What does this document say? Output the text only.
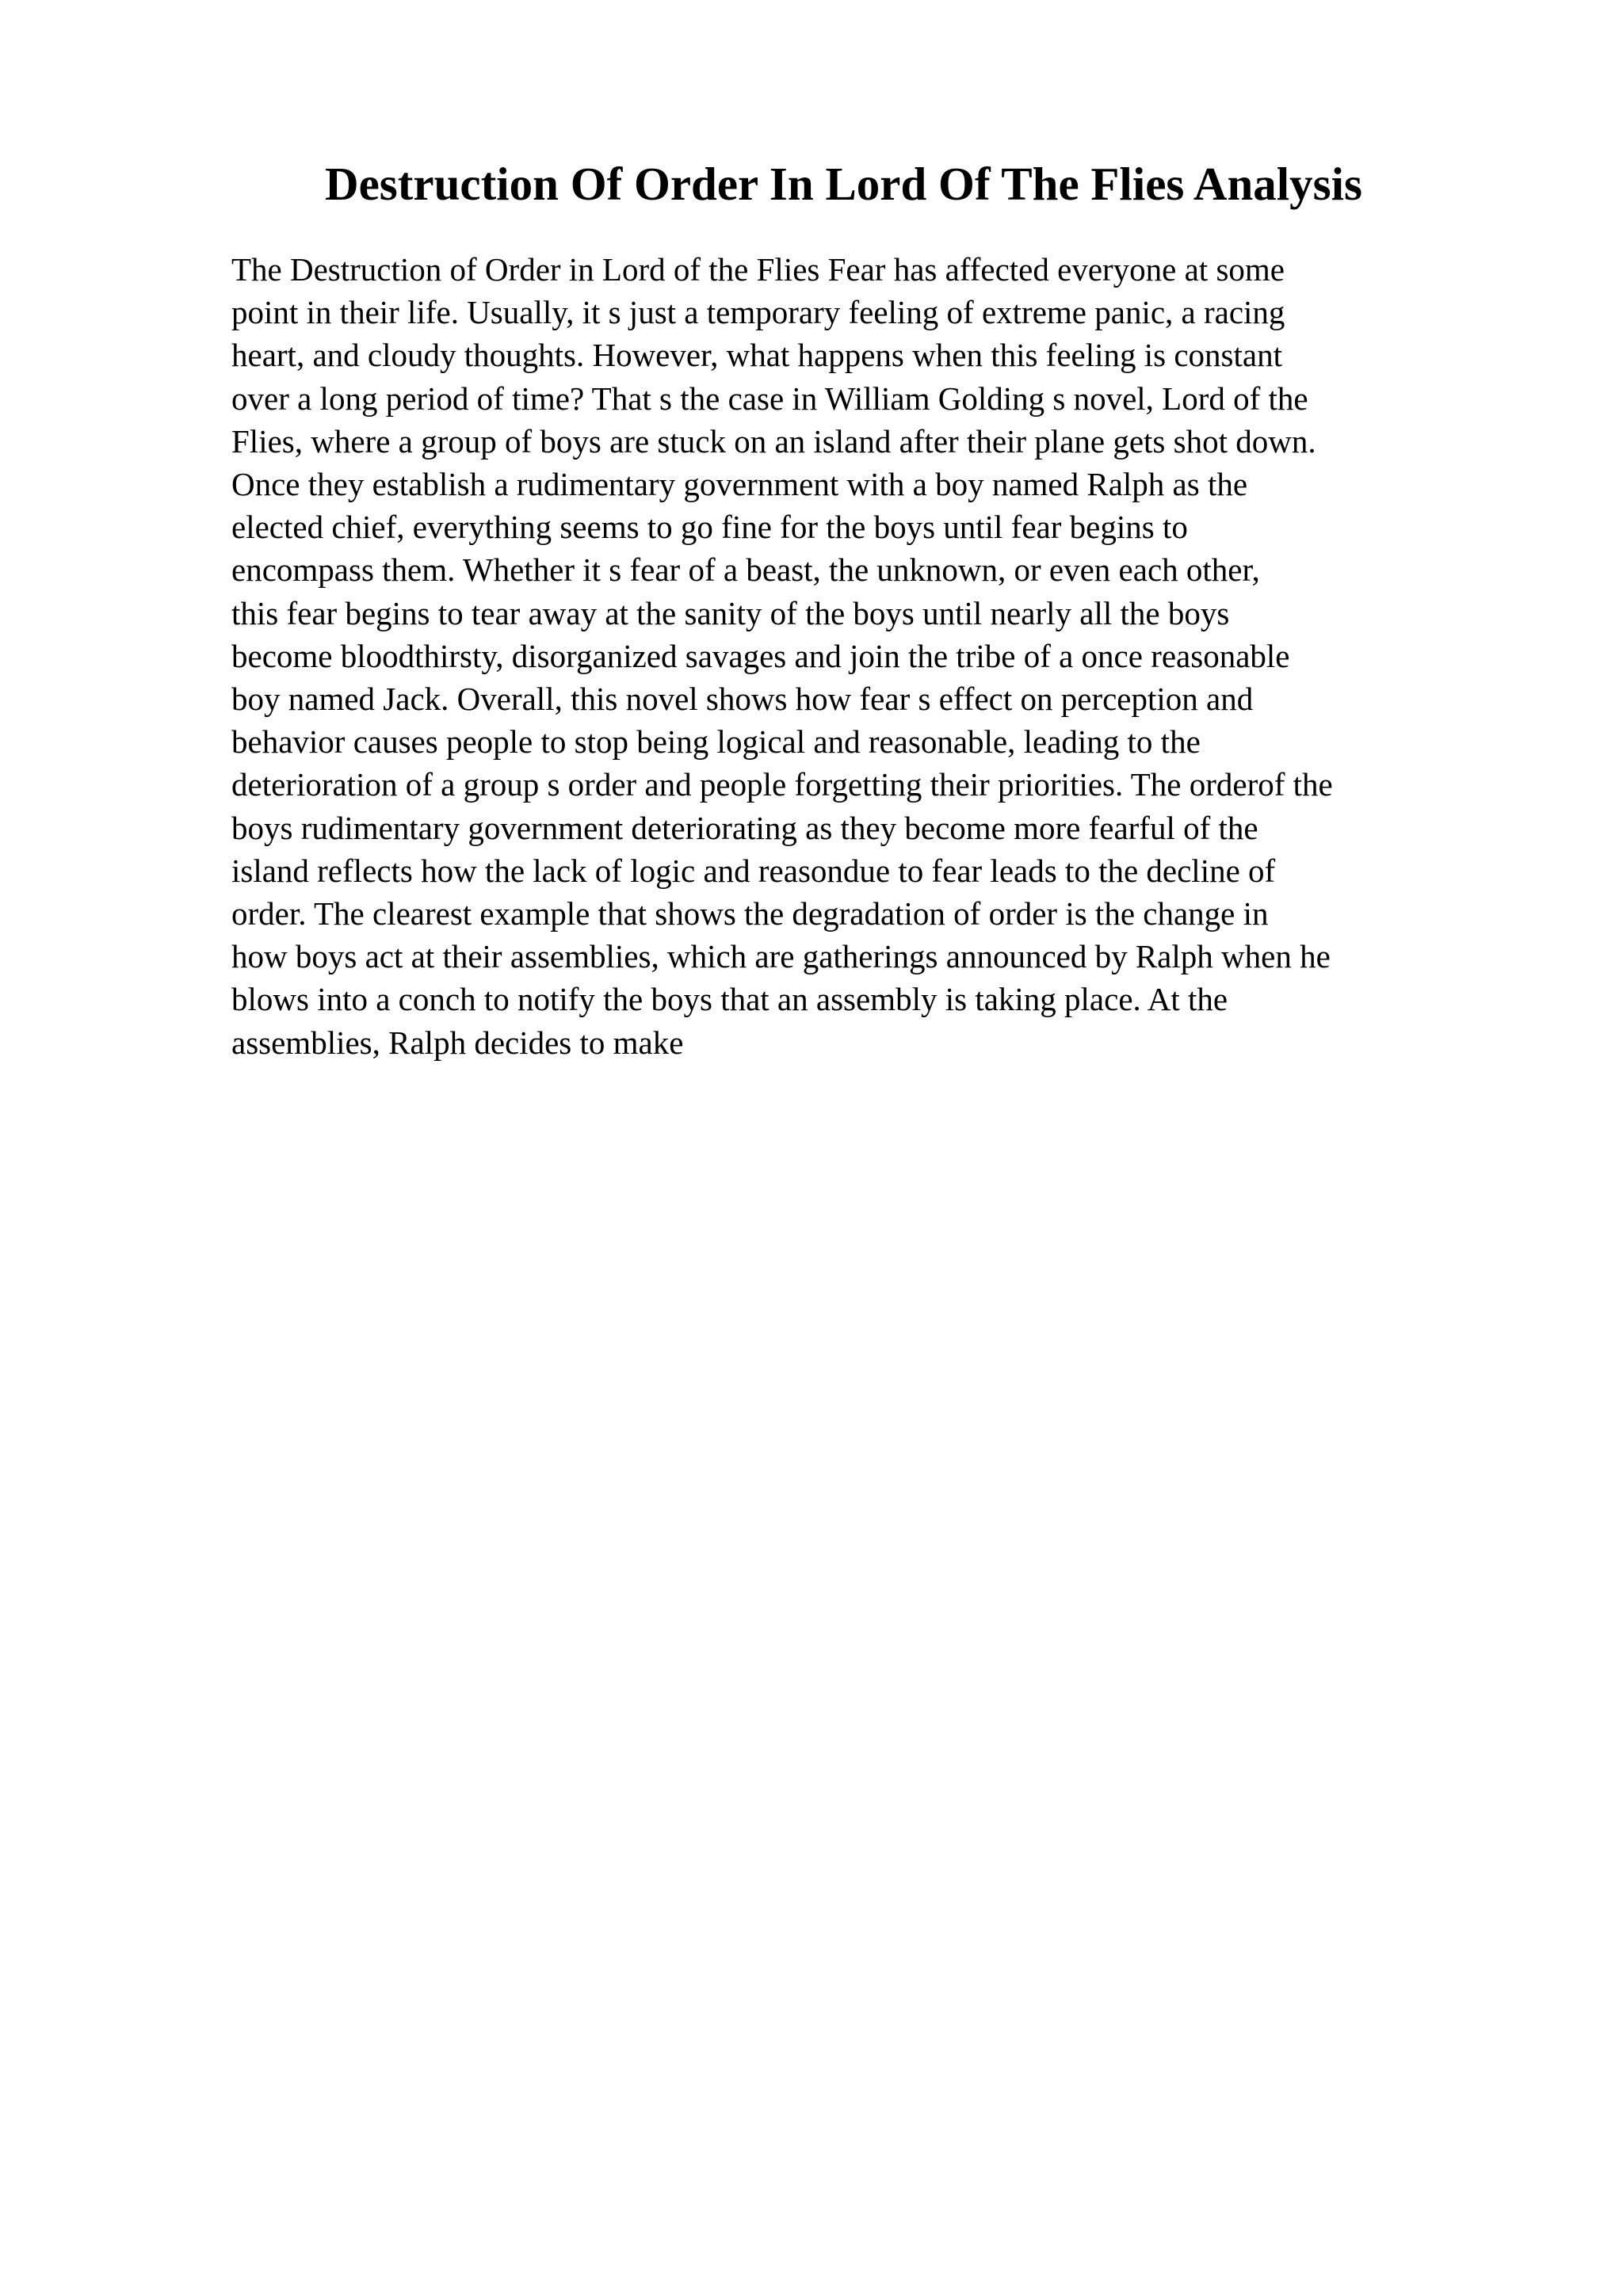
Destruction Of Order In Lord Of The Flies Analysis
The Destruction of Order in Lord of the Flies Fear has affected everyone at some
point in their life. Usually, it s just a temporary feeling of extreme panic, a racing
heart, and cloudy thoughts. However, what happens when this feeling is constant
over a long period of time? That s the case in William Golding s novel, Lord of the
Flies, where a group of boys are stuck on an island after their plane gets shot down.
Once they establish a rudimentary government with a boy named Ralph as the
elected chief, everything seems to go fine for the boys until fear begins to
encompass them. Whether it s fear of a beast, the unknown, or even each other,
this fear begins to tear away at the sanity of the boys until nearly all the boys
become bloodthirsty, disorganized savages and join the tribe of a once reasonable
boy named Jack. Overall, this novel shows how fear s effect on perception and
behavior causes people to stop being logical and reasonable, leading to the
deterioration of a group s order and people forgetting their priorities. The orderof the
boys rudimentary government deteriorating as they become more fearful of the
island reflects how the lack of logic and reasondue to fear leads to the decline of
order. The clearest example that shows the degradation of order is the change in
how boys act at their assemblies, which are gatherings announced by Ralph when he
blows into a conch to notify the boys that an assembly is taking place. At the
assemblies, Ralph decides to make
